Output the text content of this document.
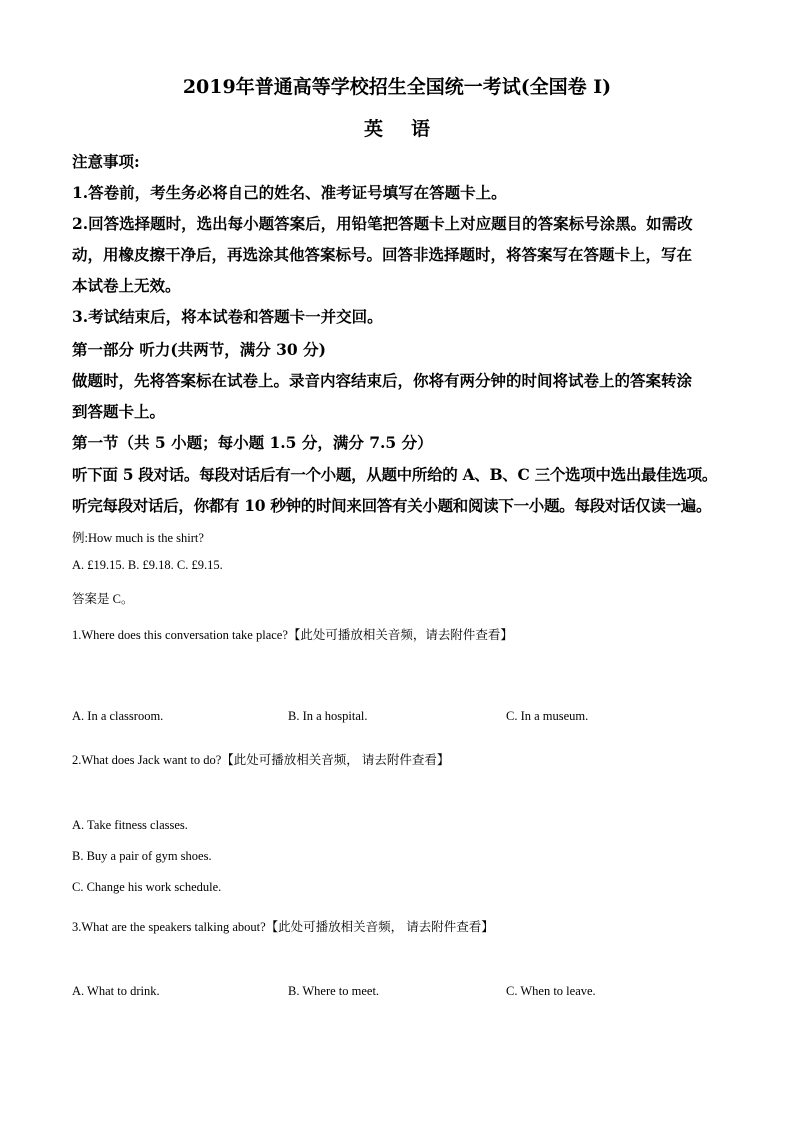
2019年普通高等学校招生全国统一考试(全国卷 I)
英语
注意事项:
1.答卷前，考生务必将自己的姓名、准考证号填写在答题卡上。
2.回答选择题时，选出每小题答案后，用铅笔把答题卡上对应题目的答案标号涂黑。如需改
动，用橡皮擦干净后，再选涂其他答案标号。回答非选择题时，将答案写在答题卡上，写在
本试卷上无效。
3.考试结束后，将本试卷和答题卡一并交回。
第一部分 听力(共两节，满分 30 分)
做题时，先将答案标在试卷上。录音内容结束后，你将有两分钟的时间将试卷上的答案转涂
到答题卡上。
第一节（共 5 小题；每小题 1.5 分，满分 7.5 分）
听下面 5 段对话。每段对话后有一个小题，从题中所给的 A、B、C 三个选项中选出最佳选项。
听完每段对话后，你都有 10 秒钟的时间来回答有关小题和阅读下一小题。每段对话仅读一遍。
例:How much is the shirt?
A. £19.15. B. £9.18. C. £9.15.
答案是 C。
1.Where does this conversation take place?【此处可播放相关音频，请去附件查看】
A. In a classroom.	B. In a hospital.	C. In a museum.
2.What does Jack want to do?【此处可播放相关音频， 请去附件查看】
A. Take fitness classes.
B. Buy a pair of gym shoes.
C. Change his work schedule.
3.What are the speakers talking about?【此处可播放相关音频， 请去附件查看】
A. What to drink.	B. Where to meet.	C. When to leave.
